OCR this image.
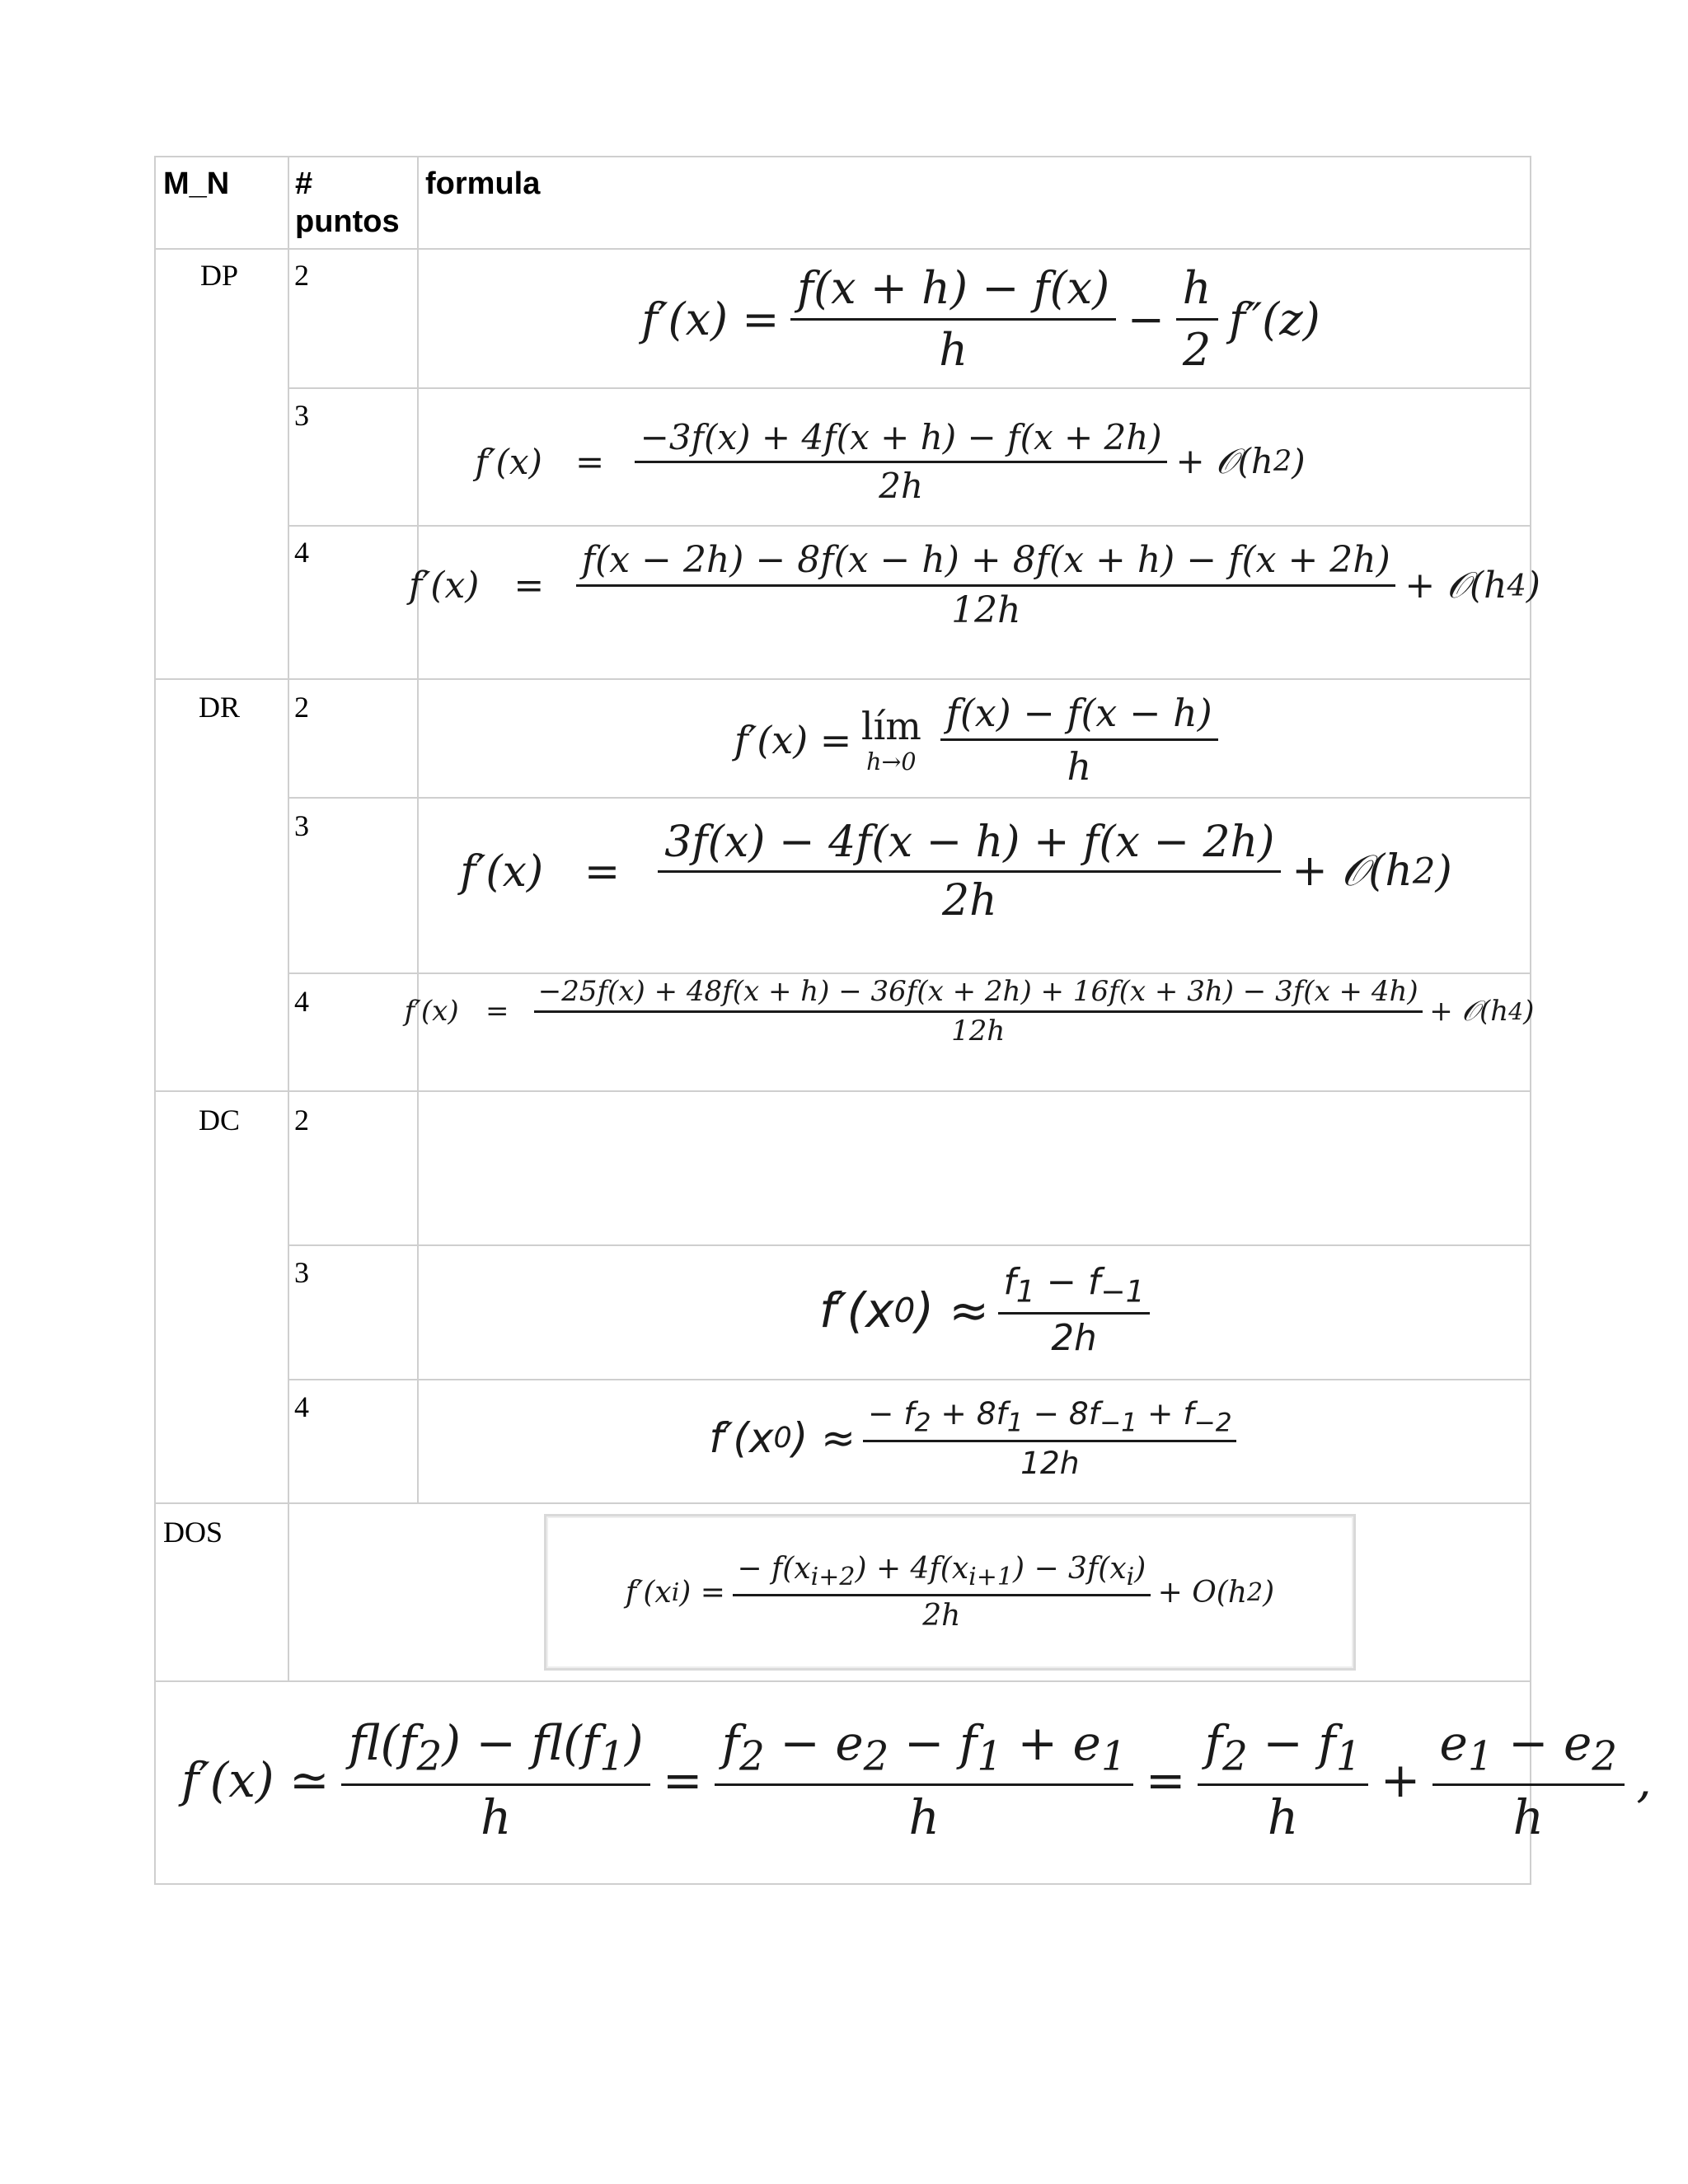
M_N # puntos
formula
DP
DR
DC
DOS
2
3
4
2
3
4
2
3
4
$f'(x) = \frac{f(x + h) - f(x)}{h} - \frac{h}{2} f''(z)$
$f'(x) = \frac{-3f(x) + 4f(x + h) - f(x + 2h)}{2h}$ + 𝒪(h 2 )
$f'(x) = \frac{f(x - 2h) - 8f(x - h) + 8f(x + h) - f(x + 2h)}{12h}$ + 𝒪(h 4 )
f′(x) = lím
$h\to 0 \frac{f(x) - f(x - h)}{h}$
$f'(x) = \frac{3f(x) - 4f(x - h) + f(x - 2h)}{2h}$ + 𝒪(h 2 )
f′(x)   =
−25f(x) + 48f(x + h) − 36f(x + 2h) + 16f(x + 3h) − 3f(x + 4h)
12h
+ 𝒪(h 4 )
f′(x 0 ) ≈ $\frac{f_1 - f_{-1}}{2h}$
f′(x 0 ) ≈ $\frac{- f_2 + 8f_1 - 8f_{-1} + f_{-2}}{12h}$
f′(x i ) = $\frac{- f(x_{i+2}) + 4f(x_{i+1}) - 3f(x_i)}{2h} + O(h$ 2 )
f′(x) ≃ $\frac{fl(f_2) - fl(f_1)}{h} = \frac{f_2 - e_2 - f_1 + e_1}{h} = \frac{f_2 - f_1}{h} + \frac{e_1 - e_2}{h}$ ,
